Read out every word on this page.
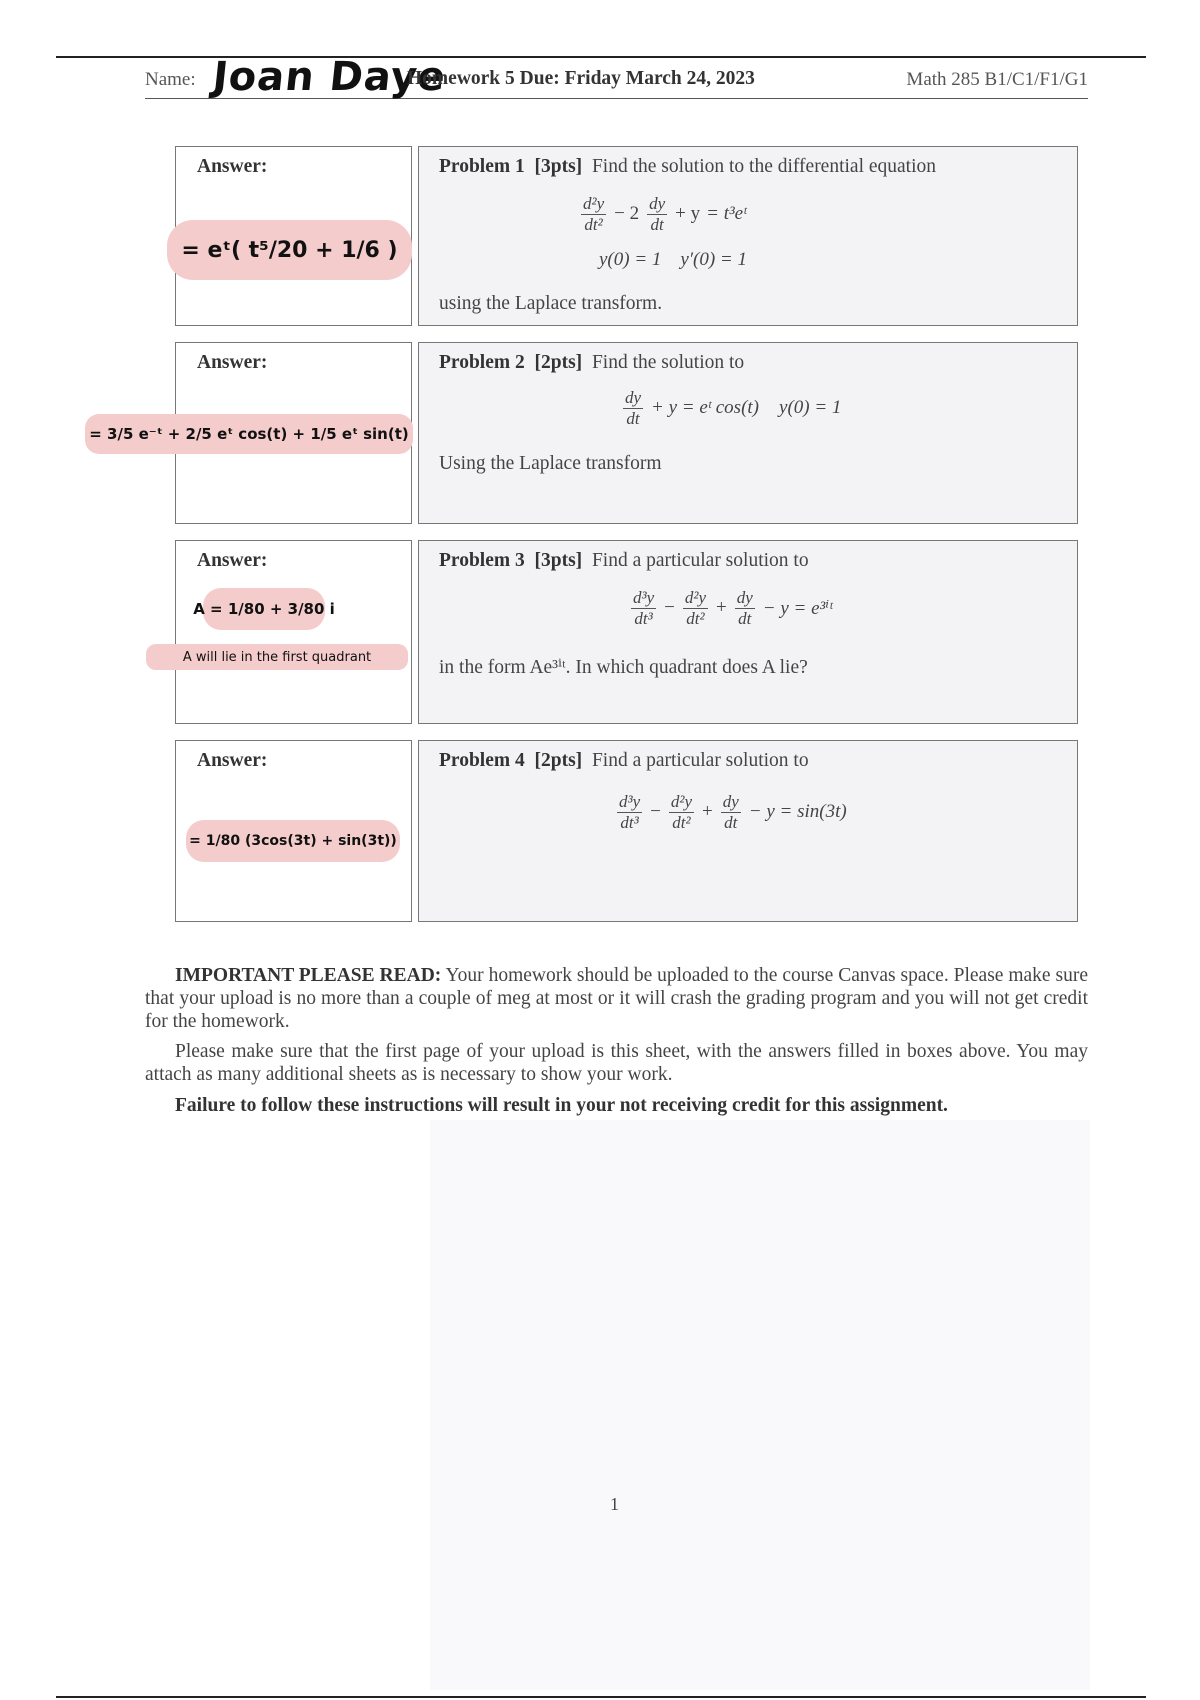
Name: Joan Daye
Homework 5 Due: Friday March 24, 2023	Math 285 B1/C1/F1/G1
Answer:
= eᵗ( t⁵/20 + 1/6 )
Problem 1 [3pts] Find the solution to the differential equation
$\frac{\text{d²y}}{\text{dt²}} - 2 \frac{dy}{dt} + y$ = t³eᵗ
y(0) = 1    y′(0) = 1
using the Laplace transform.
Answer:
= 3/5 e⁻ᵗ + 2/5 eᵗ cos(t) + 1/5 eᵗ sin(t)
Problem 2 [2pts] Find the solution to
$\frac{dy}{dt} + y$ = eᵗ cos(t) y(0) = 1
Using the Laplace transform
Answer:
A = 1/80 + 3/80 i
A will lie in the first quadrant
Problem 3 [3pts] Find a particular solution to
$\frac{\text{d³y}}{\text{dt³}} - \frac{\text{d²y}}{\text{dt²}} + \frac{dy}{dt} - y$ = e³ⁱᵗ
in the form Ae³ⁱᵗ. In which quadrant does A lie?
Answer:
= 1/80 (3cos(3t) + sin(3t))
Problem 4 [2pts] Find a particular solution to
$\frac{\text{d³y}}{\text{dt³}} - \frac{\text{d²y}}{\text{dt²}} + \frac{dy}{dt} - y = \sin(3t)$
IMPORTANT PLEASE READ: Your homework should be uploaded to the course Canvas space. Please make sure that your upload is no more than a couple of meg at most or it will crash the grading program and you will not get credit for the homework.
Please make sure that the first page of your upload is this sheet, with the answers filled in boxes above. You may attach as many additional sheets as is necessary to show your work.
Failure to follow these instructions will result in your not receiving credit for this assignment.
1
